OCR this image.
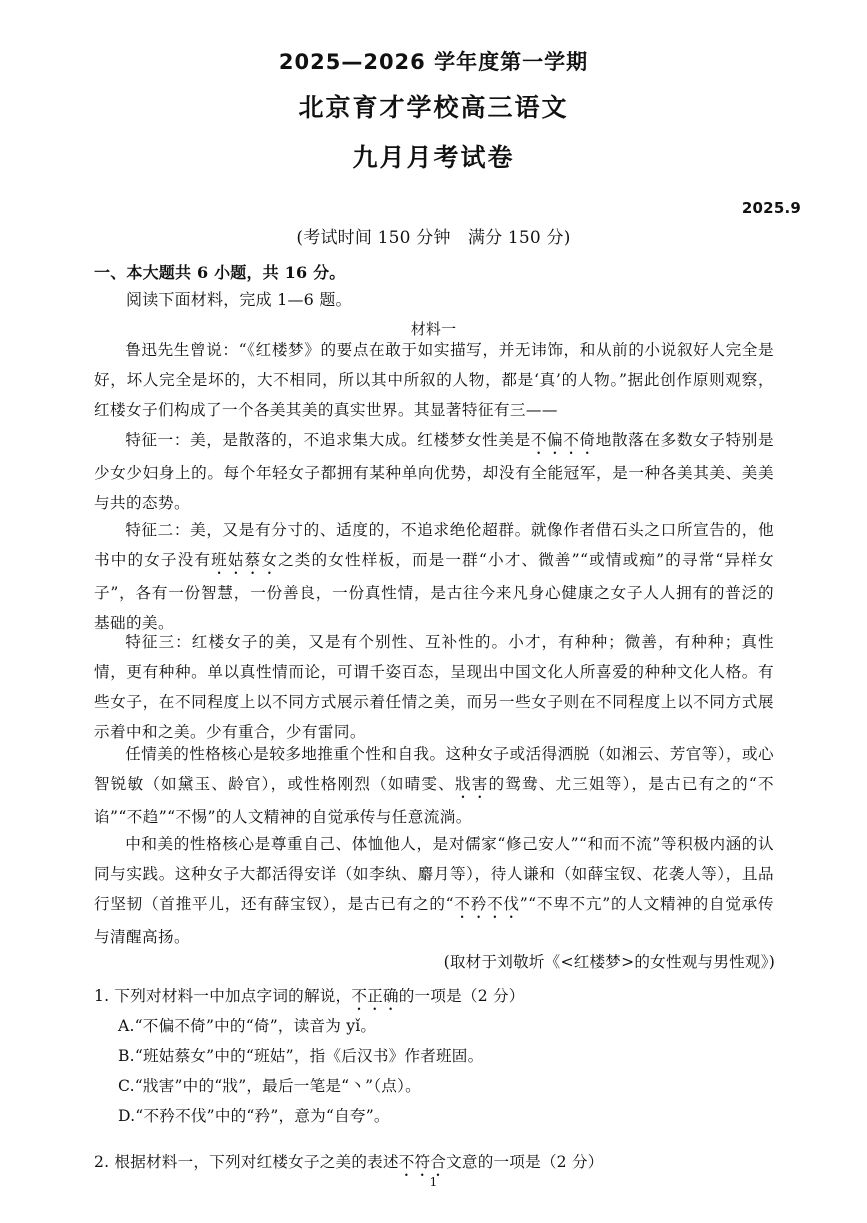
2025—2026 学年度第一学期
北京育才学校高三语文
九月月考试卷
2025.9
(考试时间 150 分钟　满分 150 分)
一、本大题共 6 小题，共 16 分。
阅读下面材料，完成 1—6 题。
材料一

鲁迅先生曾说：“《红楼梦》的要点在敢于如实描写，并无讳饰，和从前的小说叙好人完全是好，坏人完全是坏的，大不相同，所以其中所叙的人物，都是‘真’的人物。”据此创作原则观察，红楼女子们构成了一个各美其美的真实世界。其显著特征有三——

特征一：美，是散落的，不追求集大成。红楼梦女性美是不偏不倚地散落在多数女子特别是少女少妇身上的。每个年轻女子都拥有某种单向优势，却没有全能冠军，是一种各美其美、美美与共的态势。

特征二：美，又是有分寸的、适度的，不追求绝伦超群。就像作者借石头之口所宣告的，他书中的女子没有班姑蔡女之类的女性样板，而是一群“小才、微善”“或情或痴”的寻常“异样女子”，各有一份智慧，一份善良，一份真性情，是古往今来凡身心健康之女子人人拥有的普泛的基础的美。

特征三：红楼女子的美，又是有个别性、互补性的。小才，有种种；微善，有种种；真性情，更有种种。单以真性情而论，可谓千姿百态，呈现出中国文化人所喜爱的种种文化人格。有些女子，在不同程度上以不同方式展示着任情之美，而另一些女子则在不同程度上以不同方式展示着中和之美。少有重合，少有雷同。

任情美的性格核心是较多地推重个性和自我。这种女子或活得洒脱（如湘云、芳官等），或心智锐敏（如黛玉、龄官），或性格刚烈（如晴雯、戕害的鸳鸯、尤三姐等），是古已有之的“不谄”“不趋”“不惕”的人文精神的自觉承传与任意流淌。

中和美的性格核心是尊重自己、体恤他人，是对儒家“修己安人”“和而不流”等积极内涵的认同与实践。这种女子大都活得安详（如李纨、麝月等），待人谦和（如薛宝钗、花袭人等），且品行坚韧（首推平儿，还有薛宝钗），是古已有之的“不矜不伐”“不卑不亢”的人文精神的自觉承传与清醒高扬。

(取材于刘敬圻《<红楼梦>的女性观与男性观》)
1. 下列对材料一中加点字词的解说，不正确的一项是（2 分）
A.“不偏不倚”中的“倚”，读音为 yǐ。
B.“班姑蔡女”中的“班姑”，指《后汉书》作者班固。
C.“戕害”中的“戕”，最后一笔是“丶”（点）。
D.“不矜不伐”中的“矜”，意为“自夸”。
2. 根据材料一，下列对红楼女子之美的表述不符合文意的一项是（2 分）
1
